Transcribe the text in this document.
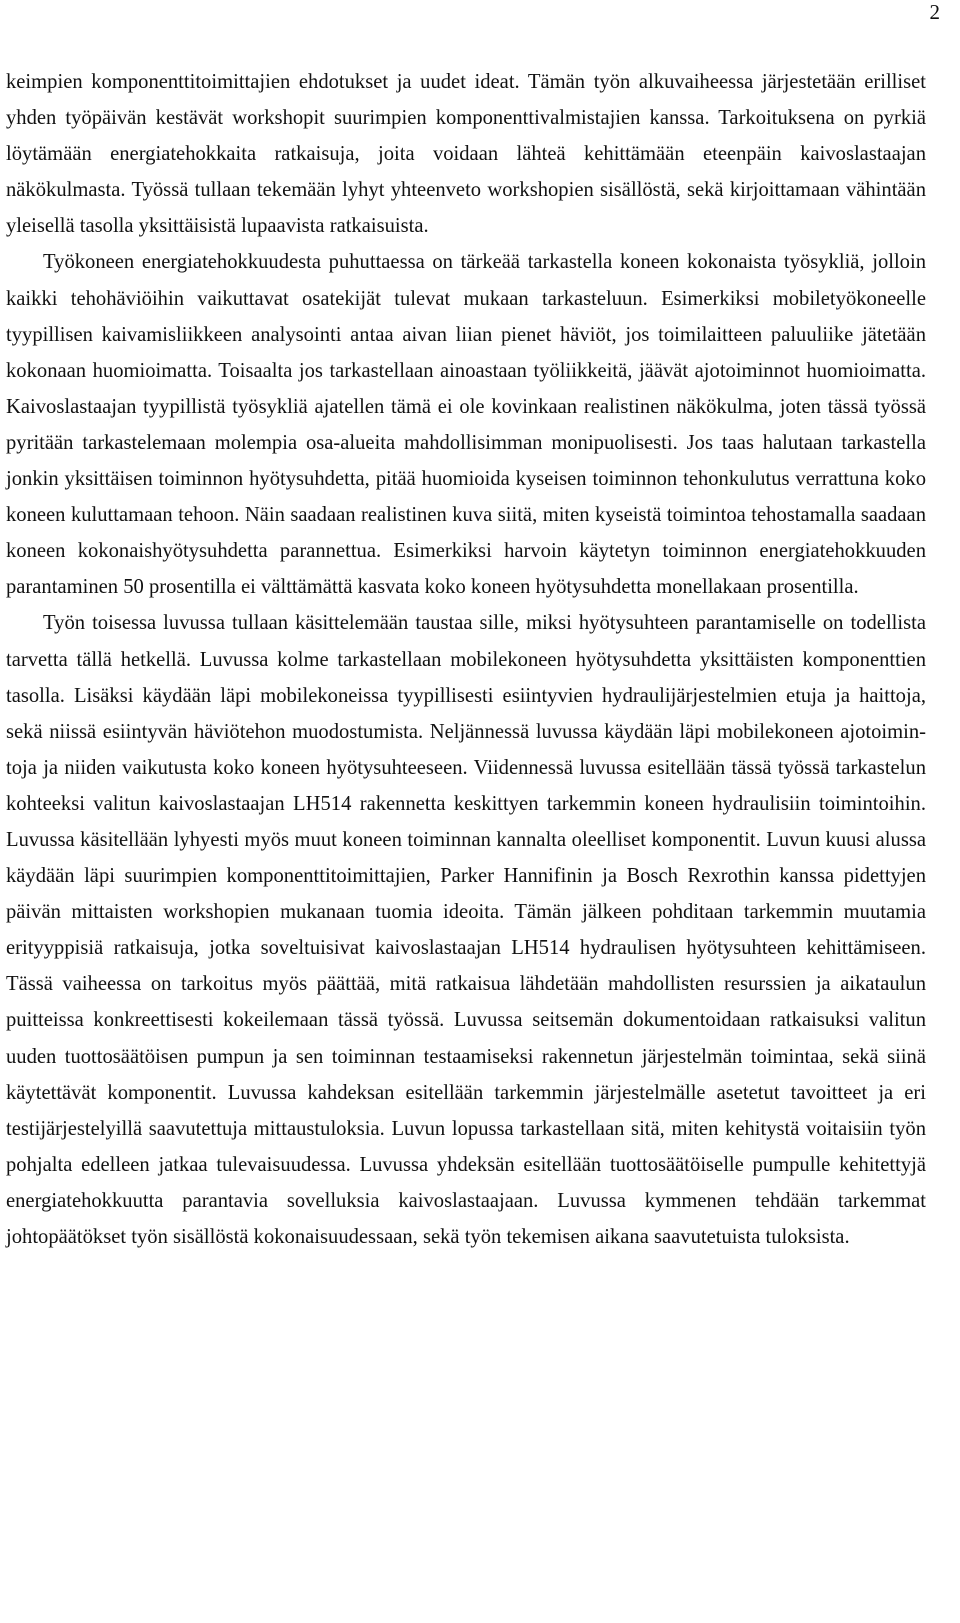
2

keimpien komponenttitoimittajien ehdotukset ja uudet ideat. Tämän työn alkuvaiheessa järjestetään erilliset yhden työpäivän kestävät workshopit suurimpien komponenttivalmistajien kanssa. Tarkoituksena on pyrkiä löytämään energiatehokkaita ratkaisuja, joita voidaan lähteä kehittämään eteenpäin kaivoslastaajan näkökulmasta. Työssä tullaan tekemään lyhyt yhteenveto workshopien sisällöstä, sekä kirjoittamaan vähintään yleisellä tasolla yksittäisistä lupaavista ratkaisuista.

Työkoneen energiatehokkuudesta puhuttaessa on tärkeää tarkastella koneen kokonaista työsykliä, jolloin kaikki tehohäviöihin vaikuttavat osatekijät tulevat mukaan tarkasteluun. Esimerkiksi mobiletyökoneelle tyypillisen kaivamisliikkeen analysointi antaa aivan liian pienet häviöt, jos toimilaitteen paluuliike jätetään kokonaan huomioimatta. Toisaalta jos tarkastellaan ainoastaan työliikkeitä, jäävät ajotoiminnot huomioimatta. Kaivoslastaajan tyypillistä työsykliä ajatellen tämä ei ole kovinkaan realistinen näkökulma, joten tässä työssä pyritään tarkastelemaan molempia osa-alueita mahdollisimman monipuolisesti. Jos taas halutaan tarkastella jonkin yksittäisen toiminnon hyötysuhdetta, pitää huomioida kyseisen toiminnon tehonkulutus verrattuna koko koneen kuluttamaan tehoon. Näin saadaan realistinen kuva siitä, miten kyseistä toimintoa tehostamalla saadaan koneen kokonaishyötysuhdetta parannettua. Esimerkiksi harvoin käytetyn toiminnon energiatehokkuuden parantaminen 50 prosentilla ei välttämättä kasvata koko koneen hyötysuhdetta monellakaan prosentilla.

Työn toisessa luvussa tullaan käsittelemään taustaa sille, miksi hyötysuhteen parantamiselle on todellista tarvetta tällä hetkellä. Luvussa kolme tarkastellaan mobilekoneen hyötysuhdetta yksittäisten komponenttien tasolla. Lisäksi käydään läpi mobilekoneissa tyypillisesti esiintyvien hydraulijärjestelmien etuja ja haittoja, sekä niissä esiintyvän häviötehon muodostumista. Neljännessä luvussa käydään läpi mobilekoneen ajotoimintoja ja niiden vaikutusta koko koneen hyötysuhteeseen. Viidennessä luvussa esitellään tässä työssä tarkastelun kohteeksi valitun kaivoslastaajan LH514 rakennetta keskittyen tarkemmin koneen hydraulisiin toimintoihin. Luvussa käsitellään lyhyesti myös muut koneen toiminnan kannalta oleelliset komponentit. Luvun kuusi alussa käydään läpi suurimpien komponenttitoimittajien, Parker Hannifinin ja Bosch Rexrothin kanssa pidettyjen päivän mittaisten workshopien mukanaan tuomia ideoita. Tämän jälkeen pohditaan tarkemmin muutamia erityyppisiä ratkaisuja, jotka soveltuisivat kaivoslastaajan LH514 hydraulisen hyötysuhteen kehittämiseen. Tässä vaiheessa on tarkoitus myös päättää, mitä ratkaisua lähdetään mahdollisten resurssien ja aikataulun puitteissa konkreettisesti kokeilemaan tässä työssä. Luvussa seitsemän dokumentoidaan ratkaisuksi valitun uuden tuottosäätöisen pumpun ja sen toiminnan testaamiseksi rakennetun järjestelmän toimintaa, sekä siinä käytettävät komponentit. Luvussa kahdeksan esitellään tarkemmin järjestelmälle asetetut tavoitteet ja eri testijärjestelyillä saavutettuja mittaustuloksia. Luvun lopussa tarkastellaan sitä, miten kehitystä voitaisiin työn pohjalta edelleen jatkaa tulevaisuudessa. Luvussa yhdeksän esitellään tuottosäätöiselle pumpulle kehitettyjä energiatehokkuutta parantavia sovelluksia kaivoslastaajaan. Luvussa kymmenen tehdään tarkemmat johtopäätökset työn sisällöstä kokonaisuudessaan, sekä työn tekemisen aikana saavutetuista tuloksista.
